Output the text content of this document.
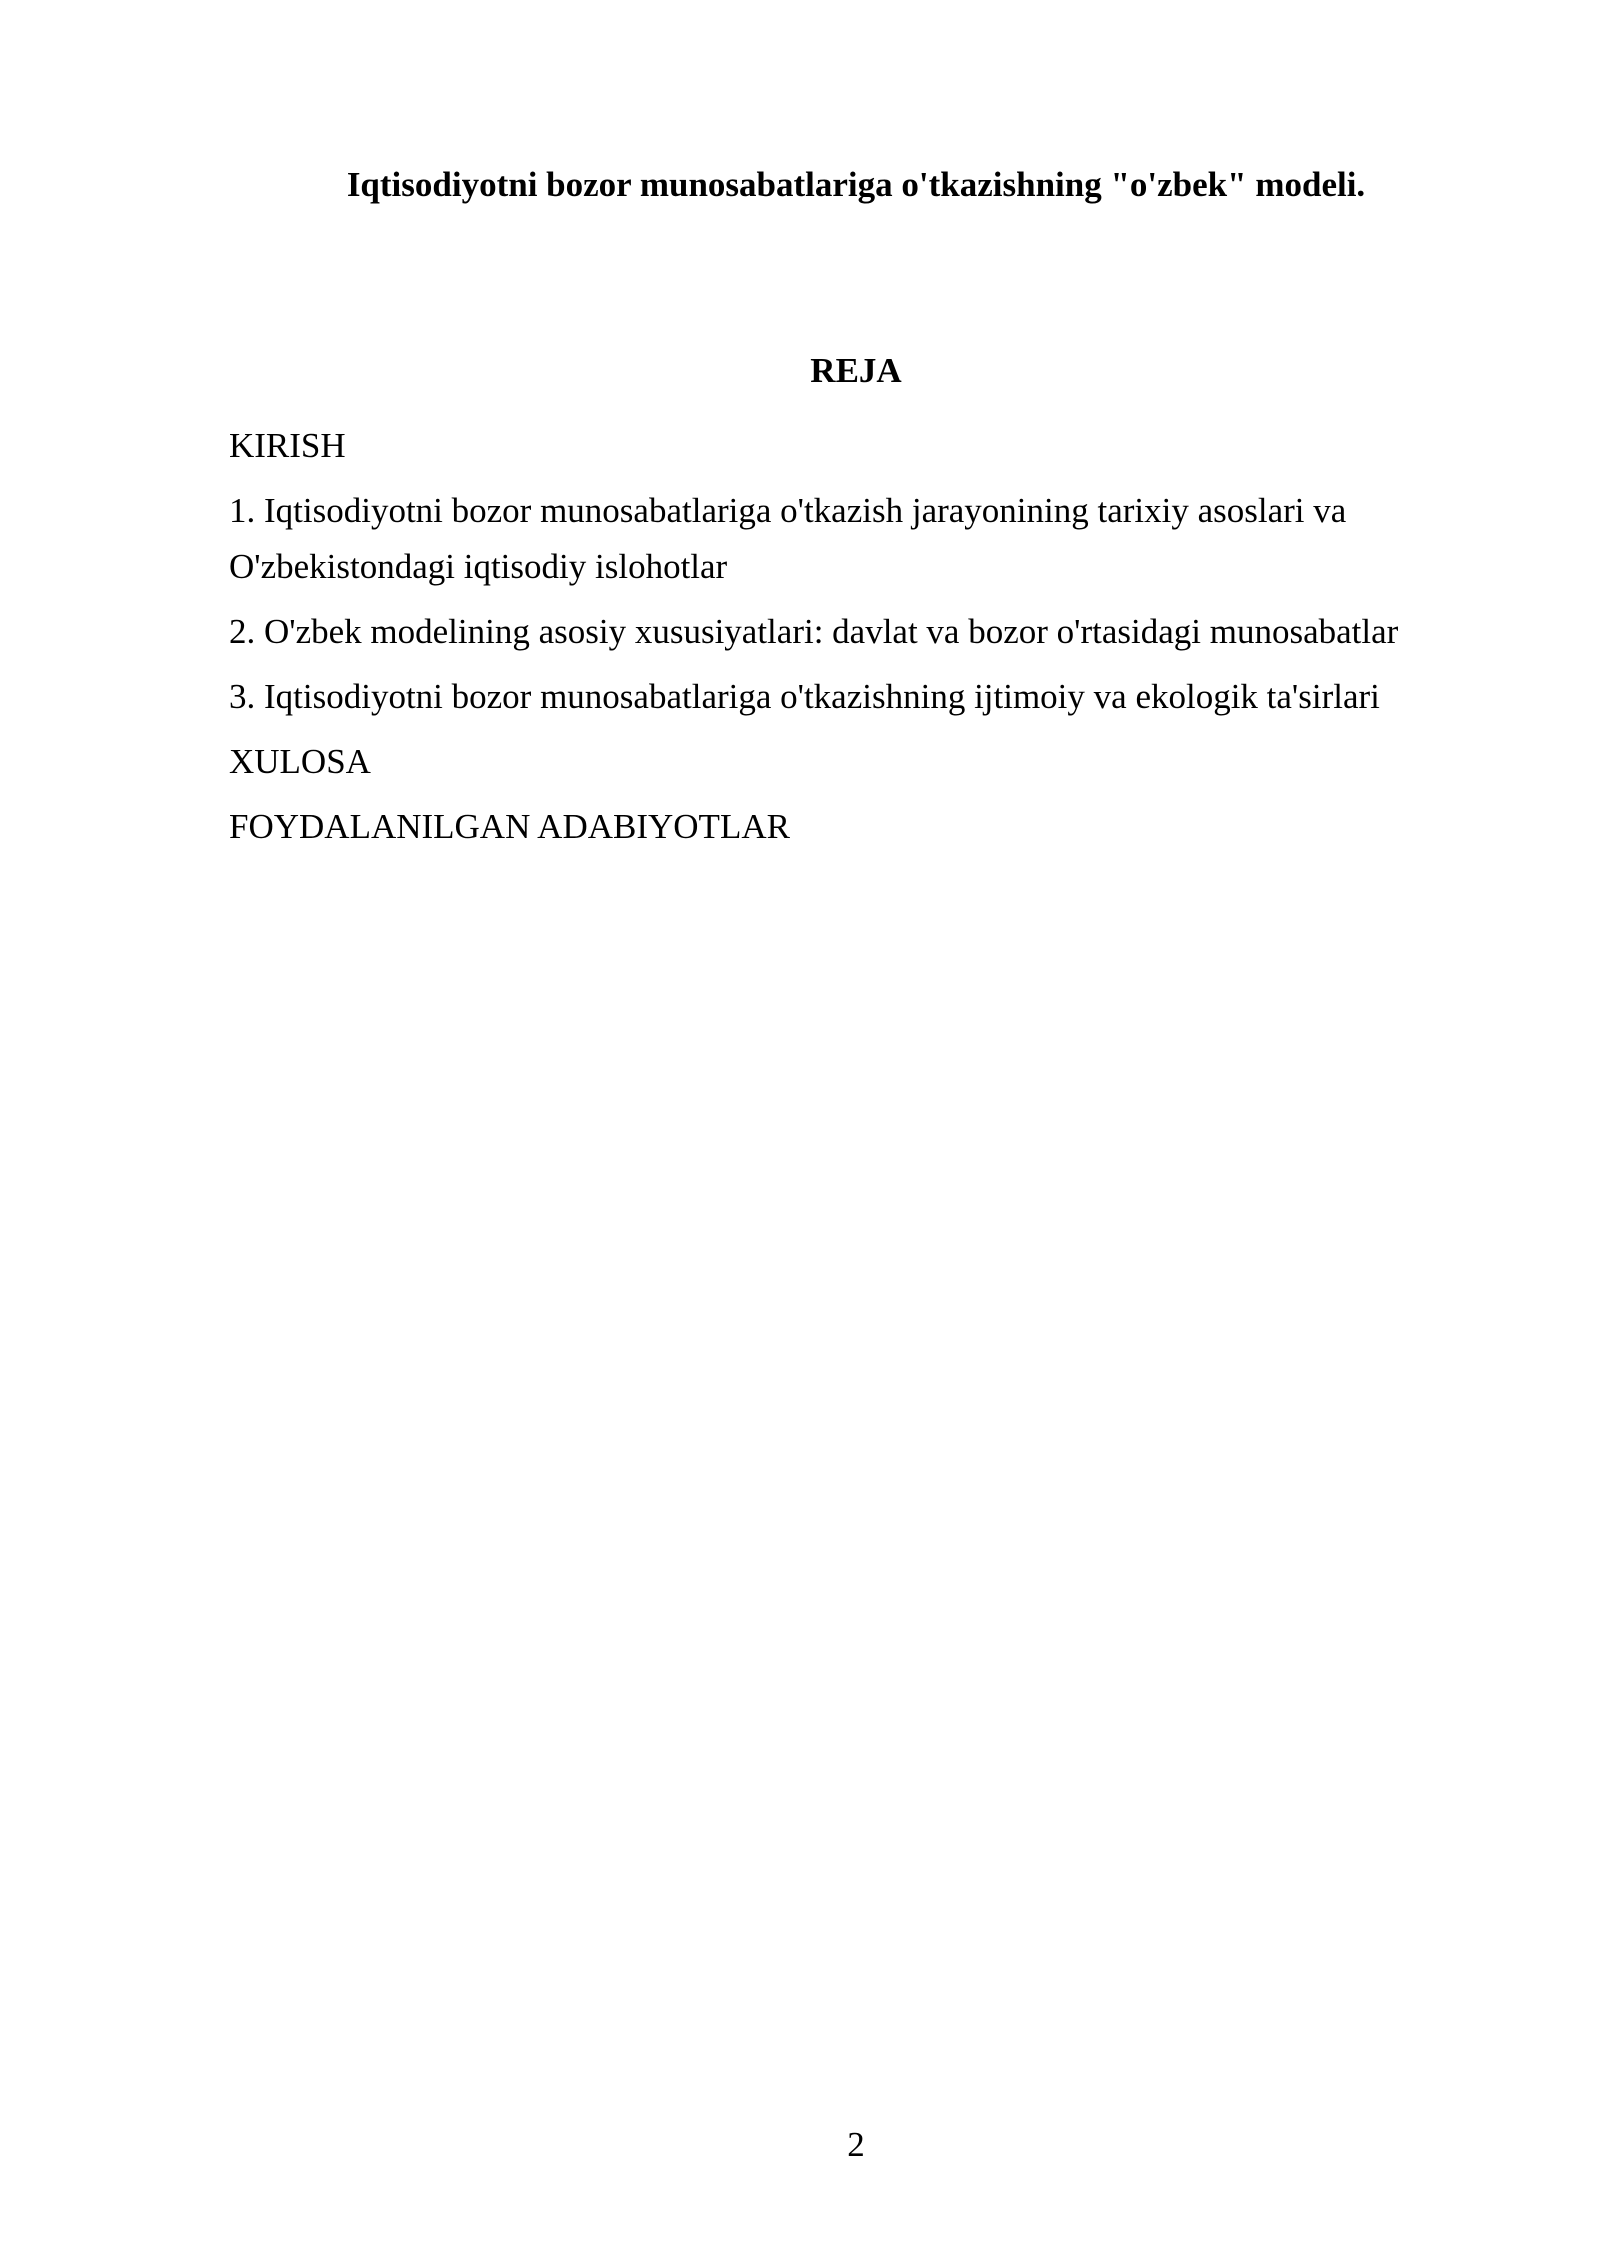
Iqtisodiyotni bozor munosabatlariga o'tkazishning "o'zbek" modeli.
REJA
KIRISH
1. Iqtisodiyotni bozor munosabatlariga o'tkazish jarayonining tarixiy asoslari va O'zbekistondagi iqtisodiy islohotlar
2. O'zbek modelining asosiy xususiyatlari: davlat va bozor o'rtasidagi munosabatlar
3. Iqtisodiyotni bozor munosabatlariga o'tkazishning ijtimoiy va ekologik ta'sirlari
XULOSA
FOYDALANILGAN ADABIYOTLAR
2
